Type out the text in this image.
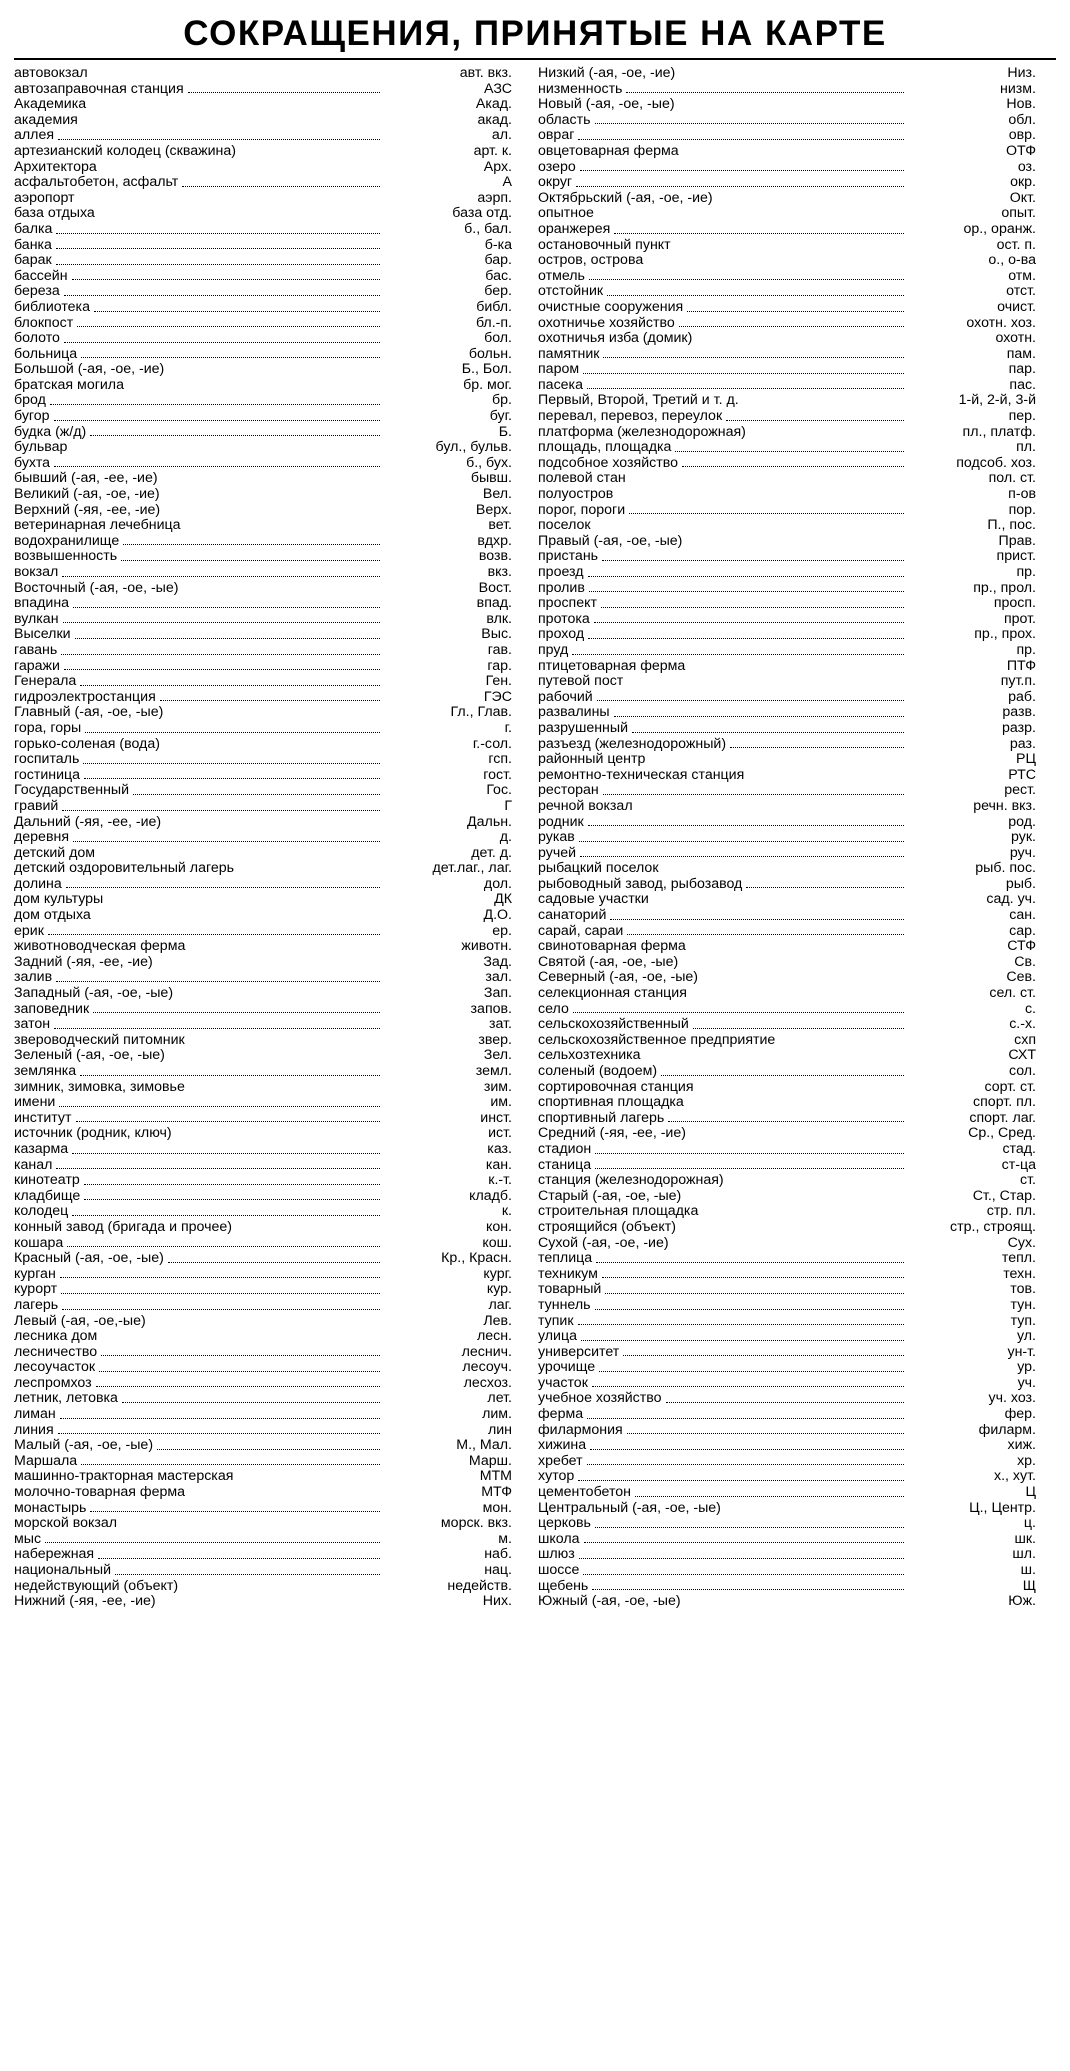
СОКРАЩЕНИЯ, ПРИНЯТЫЕ НА КАРТЕ
автовокзал	авт. вкз.

автозаправочная станция	АЗС

Академика	Акад.

академия	акад.

аллея	ал.

артезианский колодец (скважина)	арт. к.

Архитектора	Арх.

асфальтобетон, асфальт	А

аэропорт	аэрп.

база отдыха	база отд.

балка	б., бал.

банка	б-ка

барак	бар.

бассейн	бас.

береза	бер.

библиотека	библ.

блокпост	бл.-п.

болото	бол.

больница	больн.

Большой (-ая, -ое, -ие)	Б., Бол.

братская могила	бр. мог.

брод	бр.

бугор	буг.

будка (ж/д)	Б.

бульвар	бул., бульв.

бухта	б., бух.

бывший (-ая, -ее, -ие)	бывш.

Великий (-ая, -ое, -ие)	Вел.

Верхний (-яя, -ее, -ие)	Верх.

ветеринарная лечебница	вет.

водохранилище	вдхр.

возвышенность	возв.

вокзал	вкз.

Восточный (-ая, -ое, -ые)	Вост.

впадина	впад.

вулкан	влк.

Выселки	Выс.

гавань	гав.

гаражи	гар.

Генерала	Ген.

гидроэлектростанция	ГЭС

Главный (-ая, -ое, -ые)	Гл., Глав.

гора, горы	г.

горько-соленая (вода)	г.-сол.

госпиталь	гсп.

гостиница	гост.

Государственный	Гос.

гравий	Г

Дальний (-яя, -ее, -ие)	Дальн.

деревня	д.

детский дом	дет. д.

детский оздоровительный лагерь	дет.лаг., лаг.

долина	дол.

дом культуры	ДК

дом отдыха	Д.О.

ерик	ер.

животноводческая ферма	животн.

Задний (-яя, -ее, -ие)	Зад.

залив	зал.

Западный (-ая, -ое, -ые)	Зап.

заповедник	запов.

затон	зат.

звероводческий питомник	звер.

Зеленый (-ая, -ое, -ые)	Зел.

землянка	земл.

зимник, зимовка, зимовье	зим.

имени	им.

институт	инст.

источник (родник, ключ)	ист.

казарма	каз.

канал	кан.

кинотеатр	к.-т.

кладбище	кладб.

колодец	к.

конный завод (бригада и прочее)	кон.

кошара	кош.

Красный (-ая, -ое, -ые)	Кр., Красн.

курган	кург.

курорт	кур.

лагерь	лаг.

Левый (-ая, -ое,-ые)	Лев.

лесника дом	лесн.

лесничество	леснич.

лесоучасток	лесоуч.

леспромхоз	лесхоз.

летник, летовка	лет.

лиман	лим.

линия	лин

Малый (-ая, -ое, -ые)	М., Мал.

Маршала	Марш.

машинно-тракторная мастерская	МТМ

молочно-товарная ферма	МТФ

монастырь	мон.

морской вокзал	морск. вкз.

мыс	м.

набережная	наб.

национальный	нац.

недействующий (объект)	недейств.

Нижний (-яя, -ее, -ие)	Них.
Низкий (-ая, -ое, -ие)	Низ.

низменность	низм.

Новый (-ая, -ое, -ые)	Нов.

область	обл.

овраг	овр.

овцетоварная ферма	ОТФ

озеро	оз.

округ	окр.

Октябрьский (-ая, -ое, -ие)	Окт.

опытное	опыт.

оранжерея	ор., оранж.

остановочный пункт	ост. п.

остров, острова	о., о-ва

отмель	отм.

отстойник	отст.

очистные сооружения	очист.

охотничье хозяйство	охотн. хоз.

охотничья изба (домик)	охотн.

памятник	пам.

паром	пар.

пасека	пас.

Первый, Второй, Третий и т. д.	1-й, 2-й, 3-й

перевал, перевоз, переулок	пер.

платформа (железнодорожная)	пл., платф.

площадь, площадка	пл.

подсобное хозяйство	подсоб. хоз.

полевой стан	пол. ст.

полуостров	п-ов

порог, пороги	пор.

поселок	П., пос.

Правый (-ая, -ое, -ые)	Прав.

пристань	прист.

проезд	пр.

пролив	пр., прол.

проспект	просп.

протока	прот.

проход	пр., прох.

пруд	пр.

птицетоварная ферма	ПТФ

путевой пост	пут.п.

рабочий	раб.

развалины	разв.

разрушенный	разр.

разъезд (железнодорожный)	раз.

районный центр	РЦ

ремонтно-техническая станция	РТС

ресторан	рест.

речной вокзал	речн. вкз.

родник	род.

рукав	рук.

ручей	руч.

рыбацкий поселок	рыб. пос.

рыбоводный завод, рыбозавод	рыб.

садовые участки	сад. уч.

санаторий	сан.

сарай, сараи	сар.

свинотоварная ферма	СТФ

Святой (-ая, -ое, -ые)	Св.

Северный (-ая, -ое, -ые)	Сев.

селекционная станция	сел. ст.

село	с.

сельскохозяйственный	с.-х.

сельскохозяйственное предприятие	схп

сельхозтехника	СХТ

соленый (водоем)	сол.

сортировочная станция	сорт. ст.

спортивная площадка	спорт. пл.

спортивный лагерь	спорт. лаг.

Средний (-яя, -ее, -ие)	Ср., Сред.

стадион	стад.

станица	ст-ца

станция (железнодорожная)	ст.

Старый (-ая, -ое, -ые)	Ст., Стар.

строительная площадка	стр. пл.

строящийся (объект)	стр., строящ.

Сухой (-ая, -ое, -ие)	Сух.

теплица	тепл.

техникум	техн.

товарный	тов.

туннель	тун.

тупик	туп.

улица	ул.

университет	ун-т.

урочище	ур.

участок	уч.

учебное хозяйство	уч. хоз.

ферма	фер.

филармония	филарм.

хижина	хиж.

хребет	хр.

хутор	х., хут.

цементобетон	Ц

Центральный (-ая, -ое, -ые)	Ц., Центр.

церковь	ц.

школа	шк.

шлюз	шл.

шоссе	ш.

щебень	Щ

Южный (-ая, -ое, -ые)	Юж.
